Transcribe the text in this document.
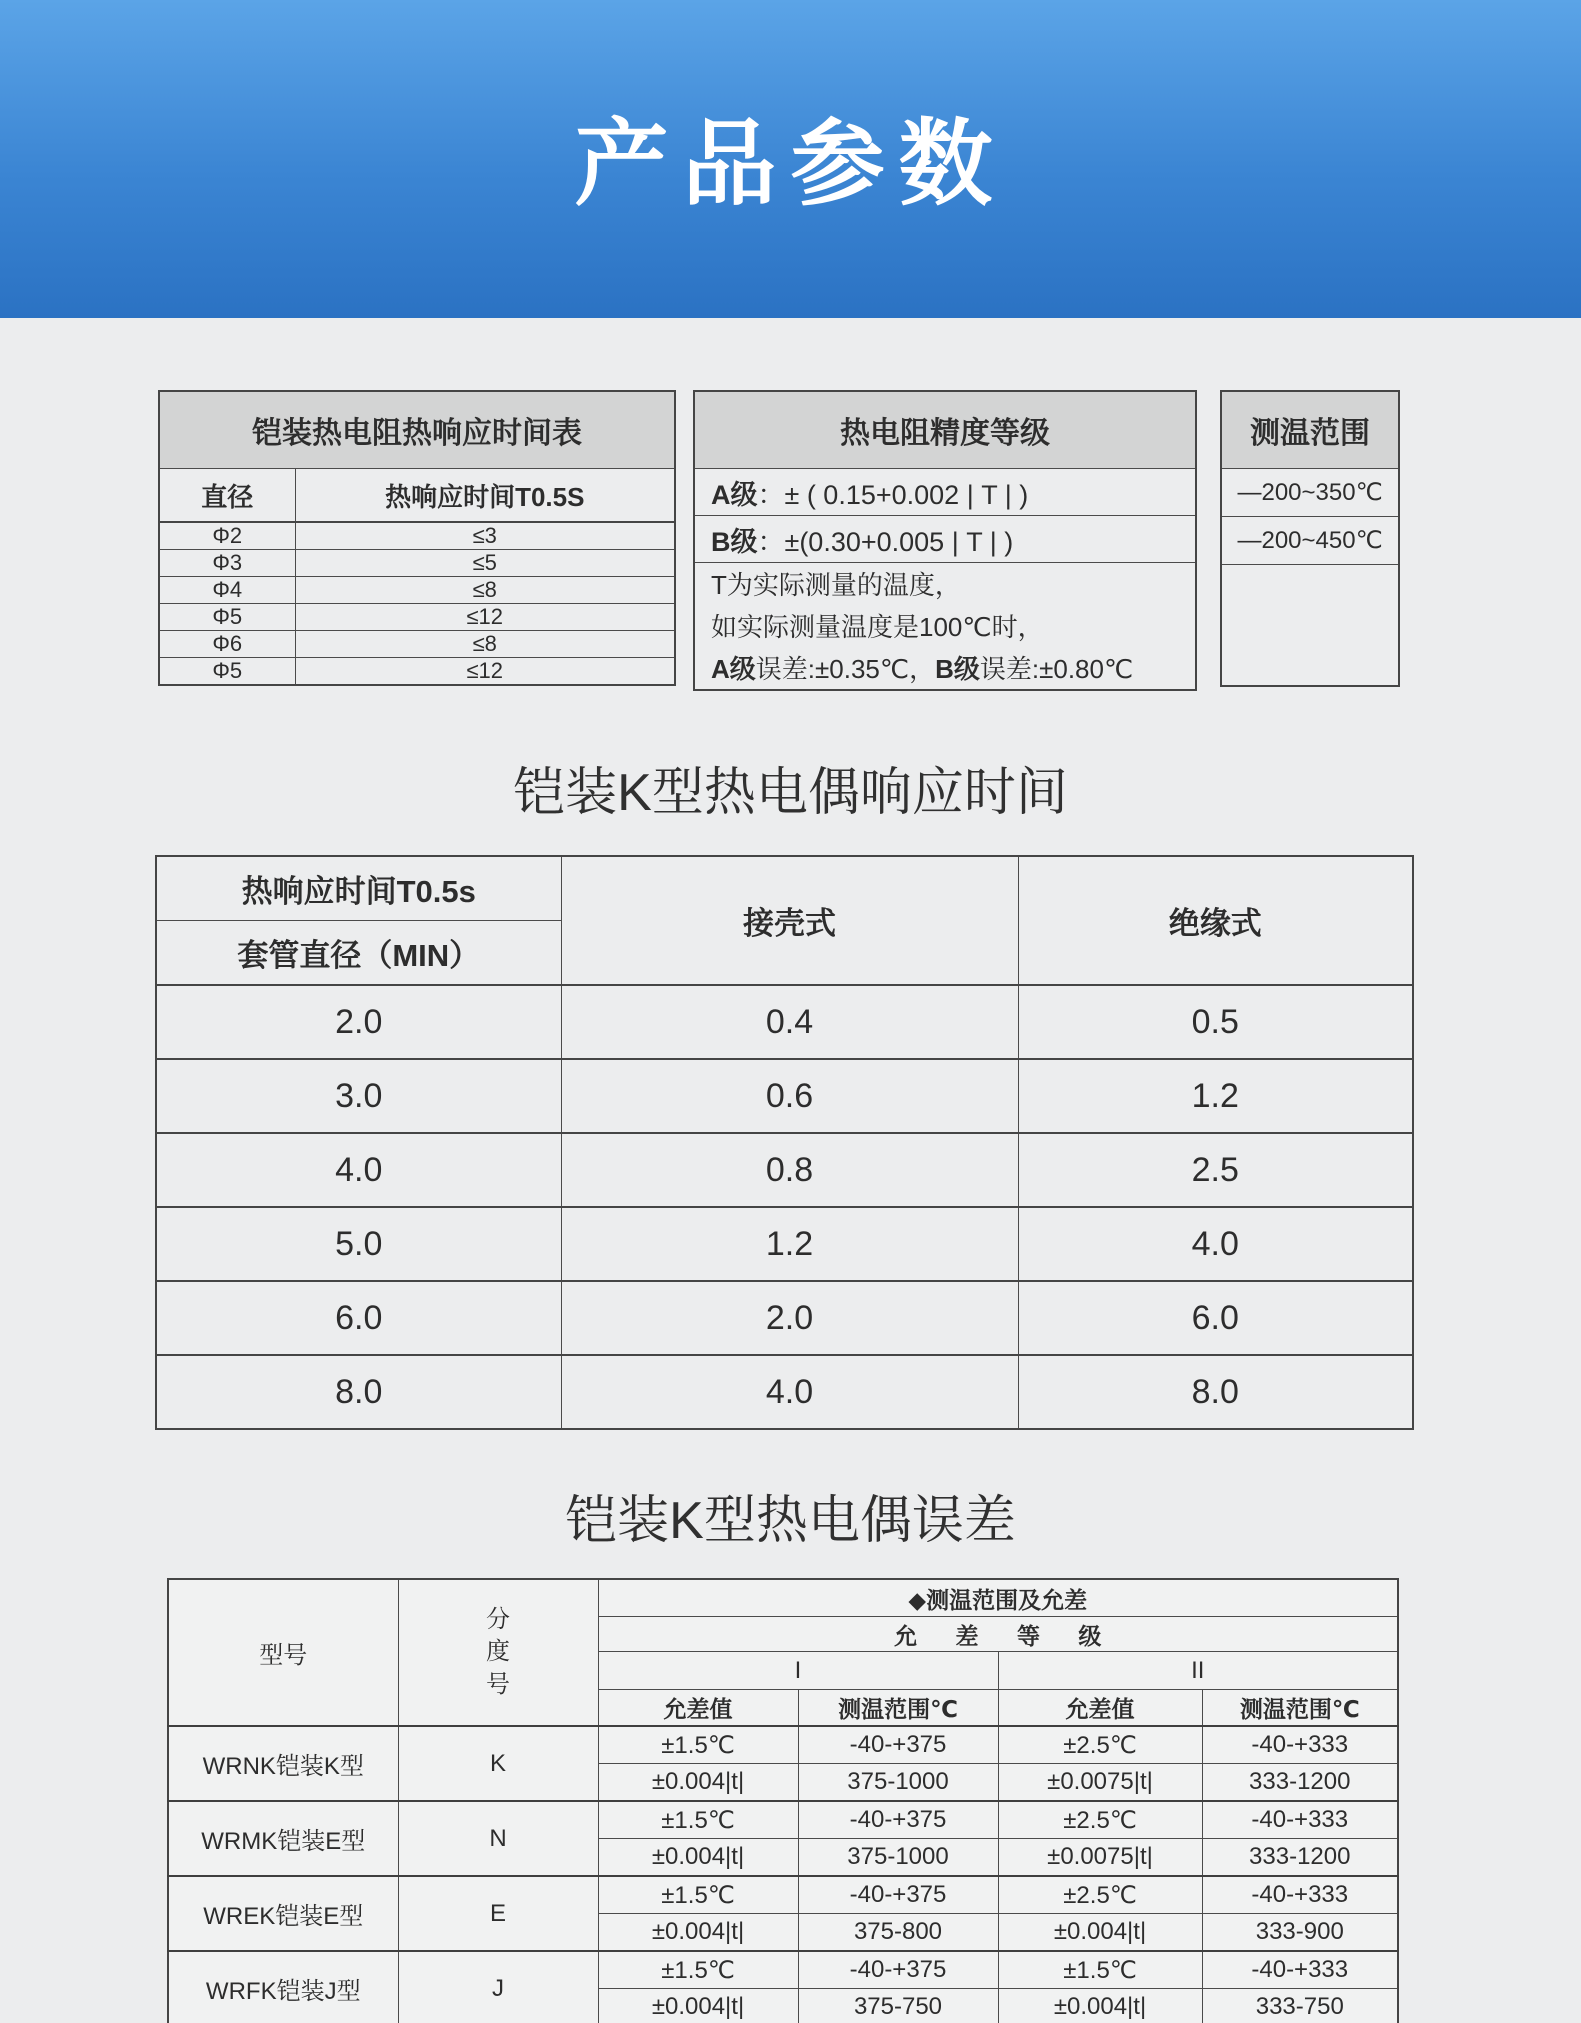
产品参数
铠装热电阻热响应时间表	
直径	热响应时间T0.5S
Φ2	≤3
Φ3	≤5
Φ4	≤8
Φ5	≤12
Φ6	≤8
Φ5	≤12
热电阻精度等级
A级：± ( 0.15+0.002 | T | )
B级：±(0.30+0.005 | T | )

T为实际测量的温度，
如实际测量温度是100℃时，
A级误差:±0.35℃，B级误差:±0.80℃
测温范围
—200~350℃
—200~450℃

铠装K型热电偶响应时间
热响应时间T0.5s	接壳式	绝缘式
套管直径（MIN）		
2.0	0.4	0.5
3.0	0.6	1.2
4.0	0.8	2.5
5.0	1.2	4.0
6.0	2.0	6.0
8.0	4.0	8.0
铠装K型热电偶误差
型号	分
度
号	◆测温范围及允差			
		允 差 等 级			
		I		II	
		允差值	测温范围℃	允差值	测温范围℃
WRNK铠装K型	K	±1.5℃	-40-+375	±2.5℃	-40-+333
		±0.004|t|	375-1000	±0.0075|t|	333-1200
WRMK铠装E型	N	±1.5℃	-40-+375	±2.5℃	-40-+333
		±0.004|t|	375-1000	±0.0075|t|	333-1200
WREK铠装E型	E	±1.5℃	-40-+375	±2.5℃	-40-+333
		±0.004|t|	375-800	±0.004|t|	333-900
WRFK铠装J型	J	±1.5℃	-40-+375	±1.5℃	-40-+333
		±0.004|t|	375-750	±0.004|t|	333-750
